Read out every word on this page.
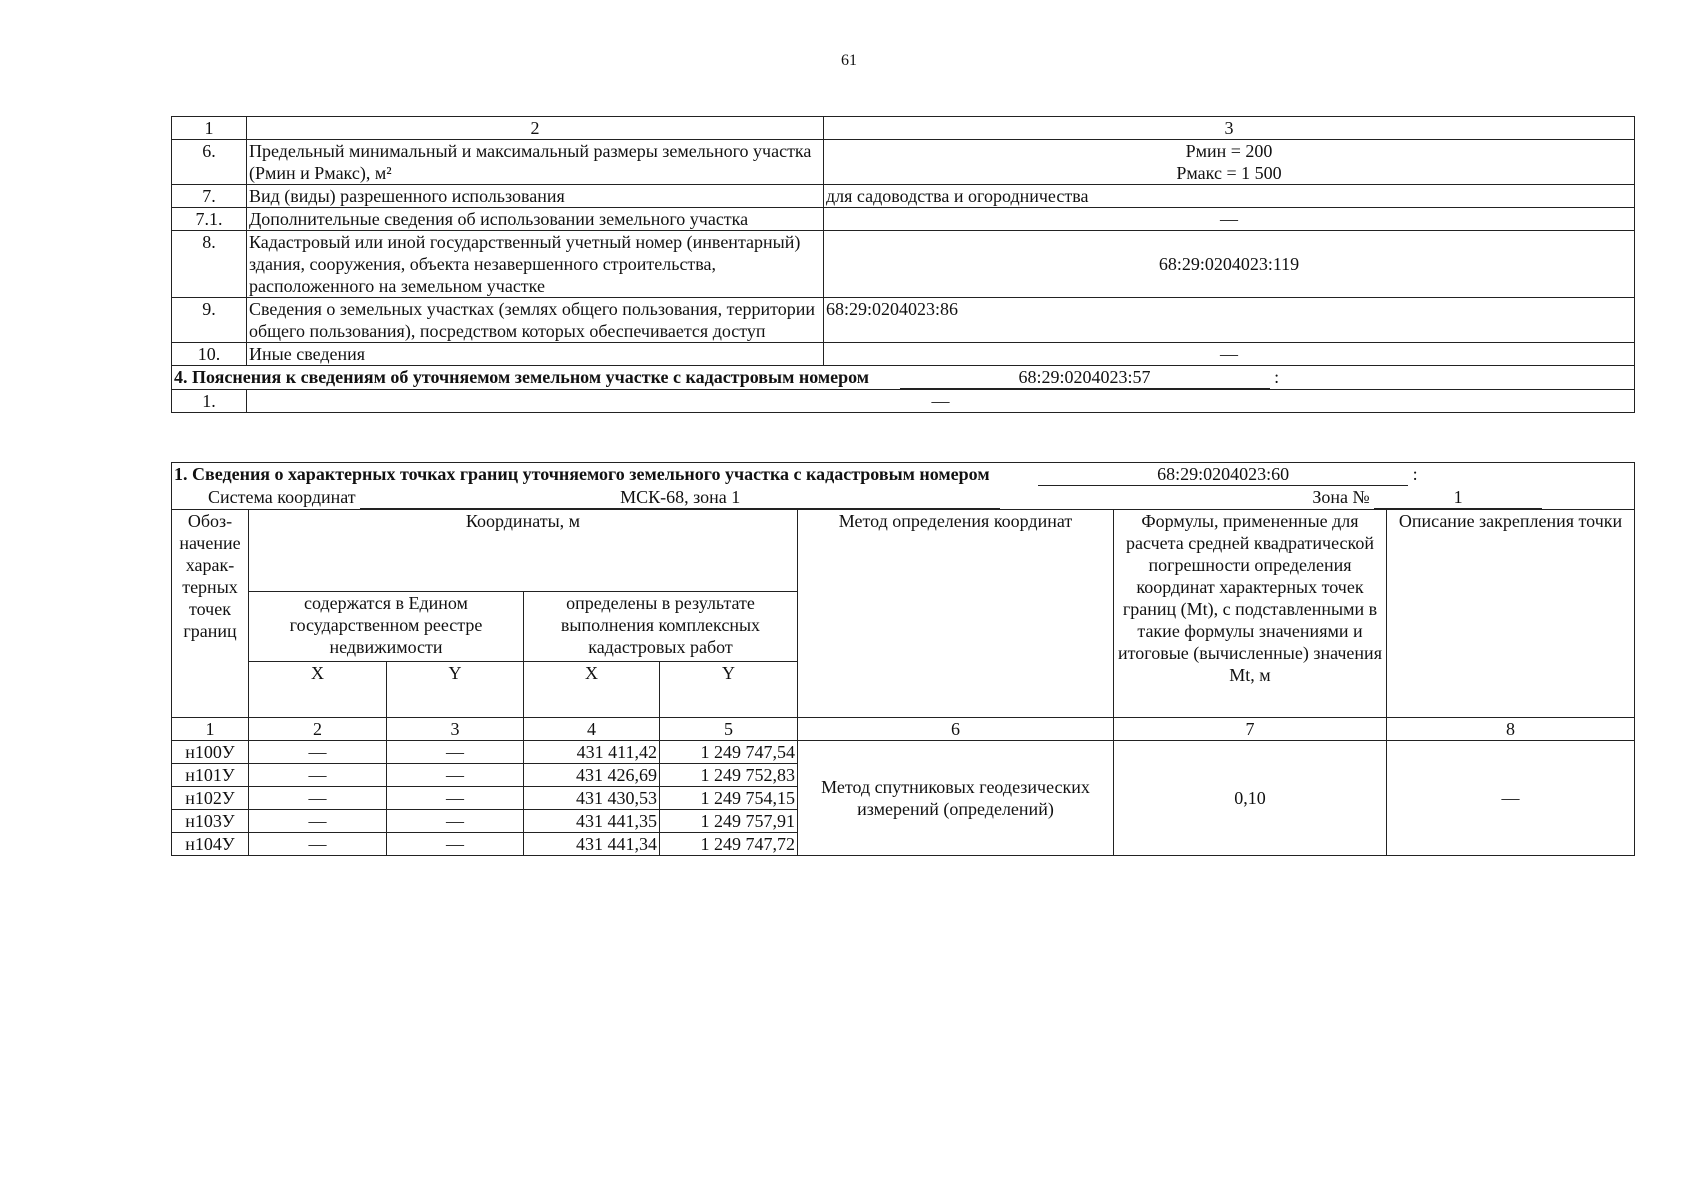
61
1	2	3
6.	Предельный минимальный и максимальный размеры земельного участка (Рмин и Рмакс), м²	Рмин = 200
Рмакс = 1 500

7.	Вид (виды) разрешенного использования	для садоводства и огородничества
7.1.	Дополнительные сведения об использовании земельного участка	—
8.	Кадастровый или иной государственный учетный номер (инвентарный) здания, сооружения, объекта незавершенного строительства, расположенного на земельном участке	68:29:0204023:119
9.	Сведения о земельных участках (землях общего пользования, территории общего пользования), посредством которых обеспечивается доступ	68:29:0204023:86
10.	Иные сведения	—
4. Пояснения к сведениям об уточняемом земельном участке с кадастровым номером 68:29:0204023:57 :		
1.	—	
1. Сведения о характерных точках границ уточняемого земельного участка с кадастровым номером 68:29:0204023:60 :							
Система координат МСК-68, зона 1 Зона № 1							
Обоз-начение харак-терных точек границ	Координаты, м				Метод определения координат	Формулы, примененные для расчета средней квадратической погрешности определения координат характерных точек границ (Mt), с подставленными в такие формулы значениями и итоговые (вычисленные) значения Mt, м	Описание закрепления точки
	содержатся в Едином государственном реестре недвижимости		определены в результате выполнения комплексных кадастровых работ				
	X	Y	X	Y			
1	2	3	4	5	6	7	8
н100У	—	—	431 411,42	1 249 747,54	Метод спутниковых геодезических измерений (определений)	0,10	—
н101У	—	—	431 426,69	1 249 752,83			
н102У	—	—	431 430,53	1 249 754,15			
н103У	—	—	431 441,35	1 249 757,91			
н104У	—	—	431 441,34	1 249 747,72			
